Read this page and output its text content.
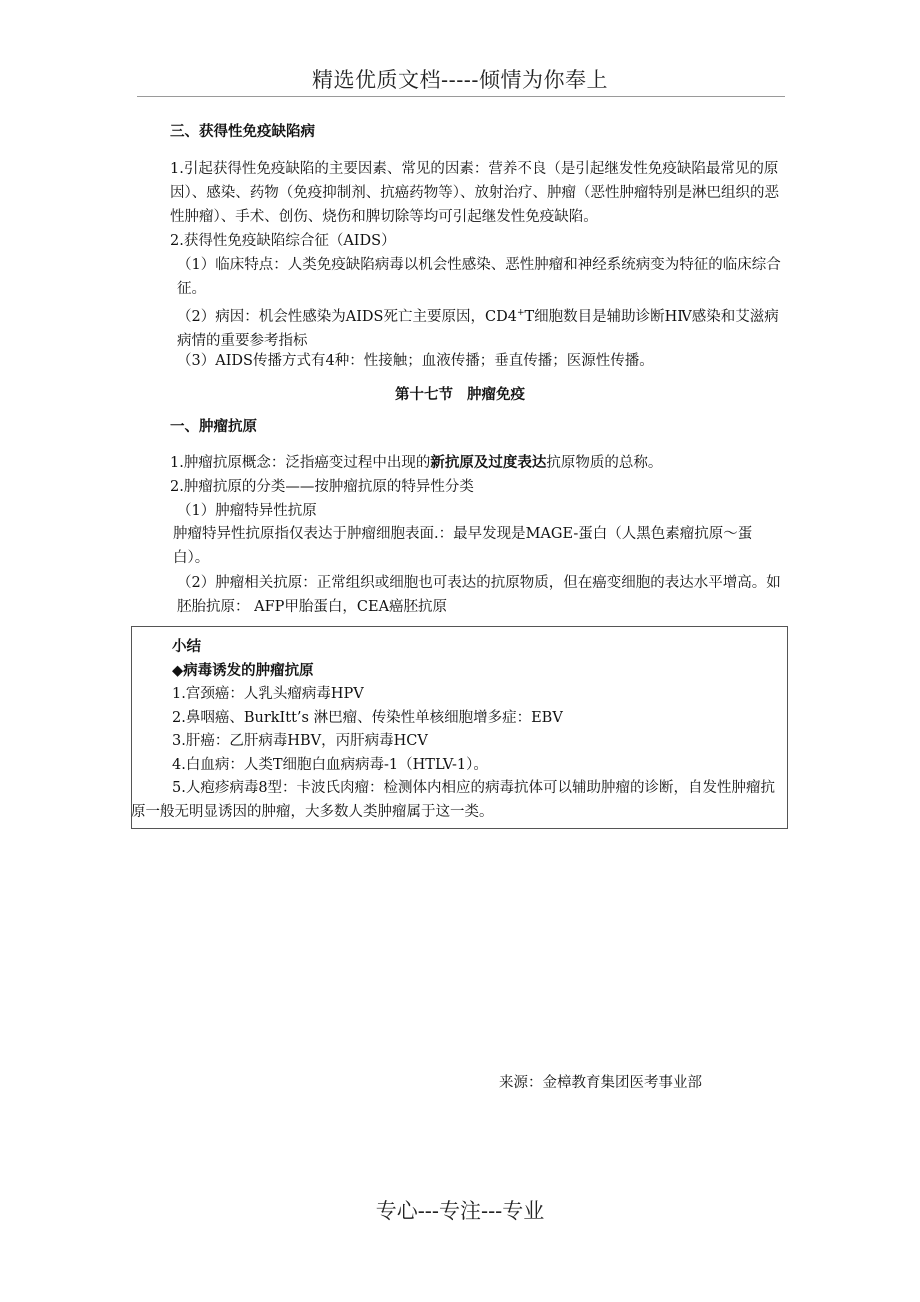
精选优质文档-----倾情为你奉上
三、获得性免疫缺陷病

1.引起获得性免疫缺陷的主要因素、常见的因素：营养不良（是引起继发性免疫缺陷最常见的原因）、感染、药物（免疫抑制剂、抗癌药物等）、放射治疗、肿瘤（恶性肿瘤特别是淋巴组织的恶性肿瘤）、手术、创伤、烧伤和脾切除等均可引起继发性免疫缺陷。

2.获得性免疫缺陷综合征（AIDS）

（1）临床特点：人类免疫缺陷病毒以机会性感染、恶性肿瘤和神经系统病变为特征的临床综合征。

（2）病因：机会性感染为AIDS死亡主要原因，CD4+T细胞数目是辅助诊断HⅣ感染和艾滋病病情的重要参考指标

（3）AIDS传播方式有4种：性接触；血液传播；垂直传播；医源性传播。

第十七节 肿瘤免疫
一、肿瘤抗原

1.肿瘤抗原概念：泛指癌变过程中出现的新抗原及过度表达抗原物质的总称。

2.肿瘤抗原的分类——按肿瘤抗原的特异性分类

（1）肿瘤特异性抗原

肿瘤特异性抗原指仅表达于肿瘤细胞表面.：最早发现是MAGE-蛋白（人黑色素瘤抗原～蛋白）。

（2）肿瘤相关抗原：正常组织或细胞也可表达的抗原物质，但在癌变细胞的表达水平增高。如胚胎抗原： AFP甲胎蛋白，CEA癌胚抗原

小结
◆病毒诱发的肿瘤抗原
1.宫颈癌：人乳头瘤病毒HPV
2.鼻咽癌、BurkⅠtt’s 淋巴瘤、传染性单核细胞增多症：EBV
3.肝癌：乙肝病毒HBV，丙肝病毒HCV
4.白血病：人类T细胞白血病病毒-1（HTLV-1）。
5.人疱疹病毒8型：卡波氏肉瘤：检测体内相应的病毒抗体可以辅助肿瘤的诊断，自发性肿瘤抗原一般无明显诱因的肿瘤，大多数人类肿瘤属于这一类。
来源：金樟教育集团医考事业部
专心---专注---专业
